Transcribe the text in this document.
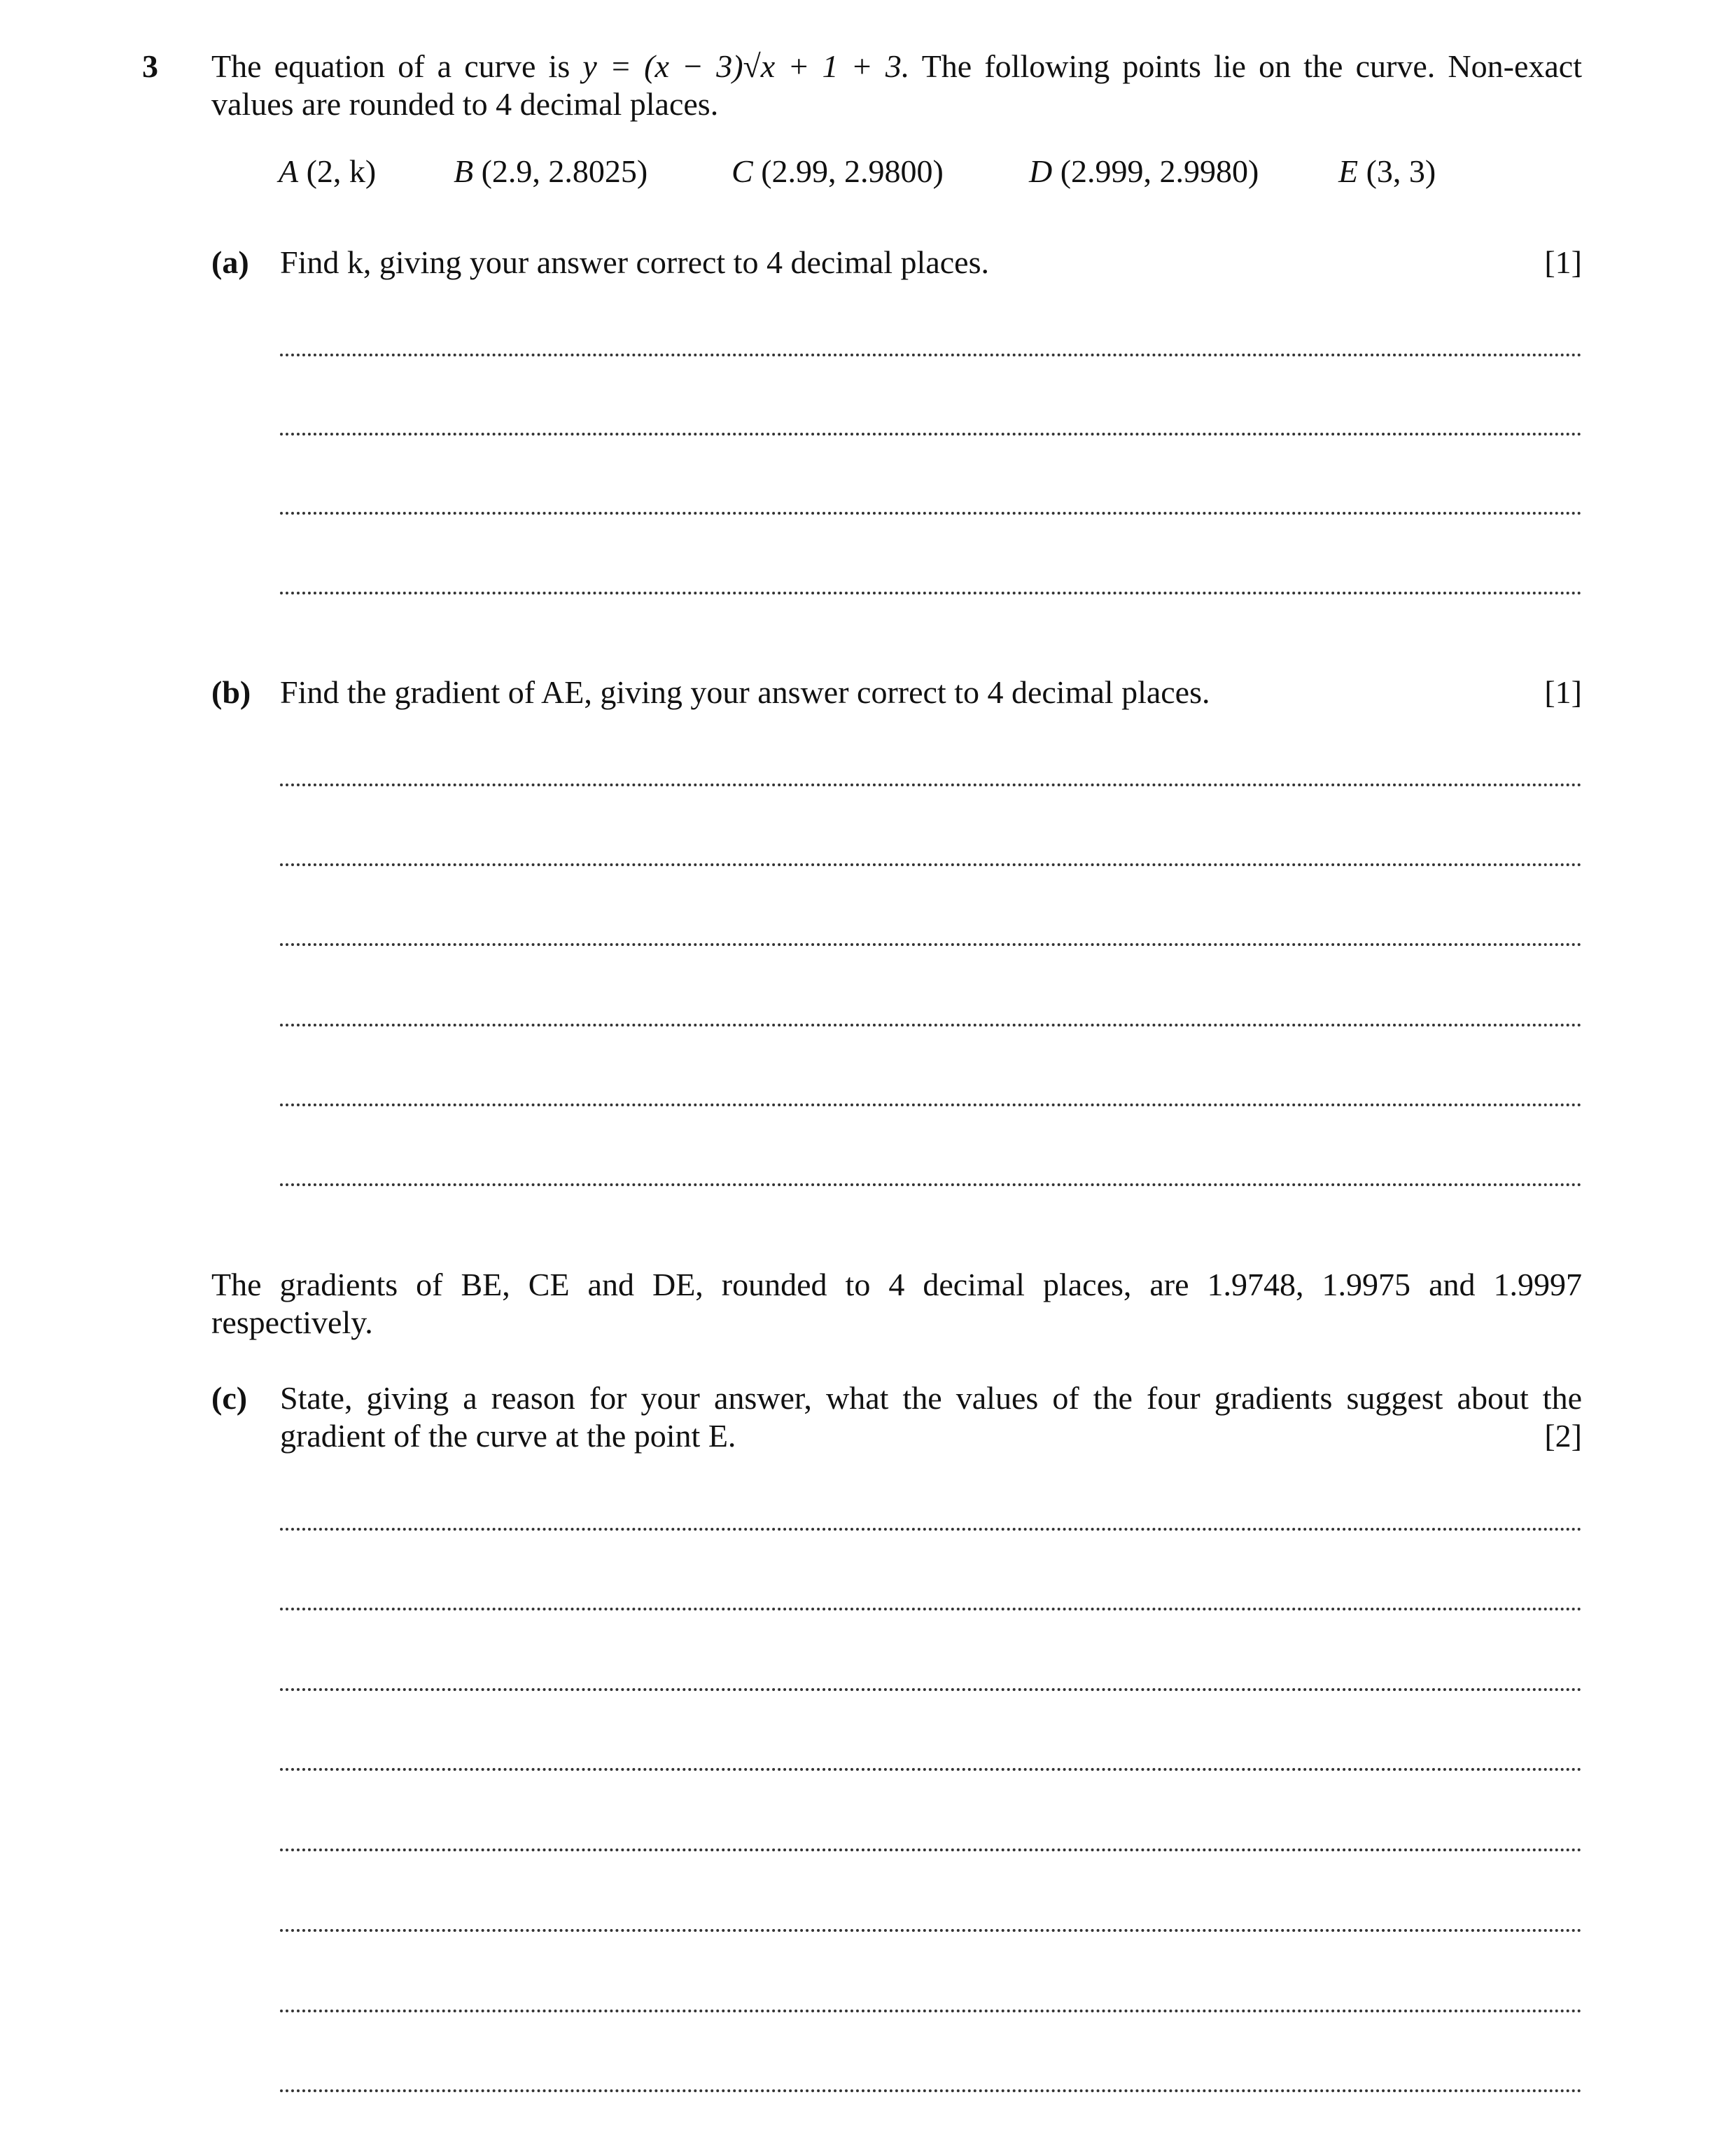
3 The equation of a curve is y = (x − 3)√x + 1 + 3. The following points lie on the curve. Non-exact
values are rounded to 4 decimal places.
A (2, k) B (2.9, 2.8025)	C (2.99, 2.9800)	D (2.999, 2.9980) E (3, 3)
(a) Find k, giving your answer correct to 4 decimal places.	[1]
(b) Find the gradient of AE, giving your answer correct to 4 decimal places.	[1]
The gradients of BE, CE and DE, rounded to 4 decimal places, are 1.9748, 1.9975 and 1.9997
respectively.
(c) State, giving a reason for your answer, what the values of the four gradients suggest about the
gradient of the curve at the point E.	[2]
